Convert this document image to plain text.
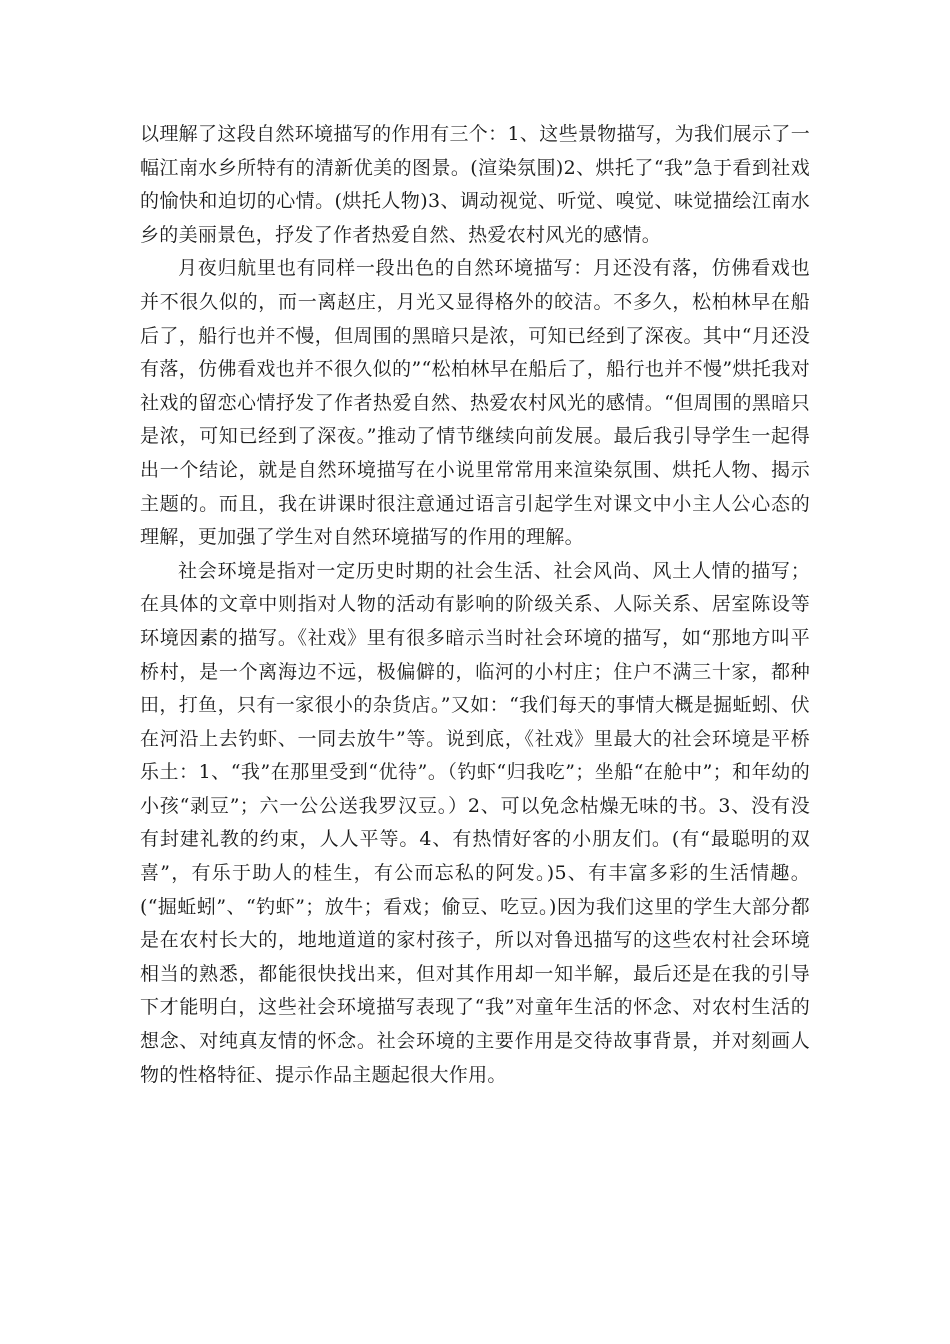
以理解了这段自然环境描写的作用有三个：1、这些景物描写，为我们展示了一幅江南水乡所特有的清新优美的图景。(渲染氛围)2、烘托了“我”急于看到社戏的愉快和迫切的心情。(烘托人物)3、调动视觉、听觉、嗅觉、味觉描绘江南水乡的美丽景色，抒发了作者热爱自然、热爱农村风光的感情。

月夜归航里也有同样一段出色的自然环境描写：月还没有落，仿佛看戏也并不很久似的，而一离赵庄，月光又显得格外的皎洁。不多久，松柏林早在船后了，船行也并不慢，但周围的黑暗只是浓，可知已经到了深夜。其中“月还没有落，仿佛看戏也并不很久似的”“松柏林早在船后了，船行也并不慢”烘托我对社戏的留恋心情抒发了作者热爱自然、热爱农村风光的感情。“但周围的黑暗只是浓，可知已经到了深夜。”推动了情节继续向前发展。最后我引导学生一起得出一个结论，就是自然环境描写在小说里常常用来渲染氛围、烘托人物、揭示主题的。而且，我在讲课时很注意通过语言引起学生对课文中小主人公心态的理解，更加强了学生对自然环境描写的作用的理解。

社会环境是指对一定历史时期的社会生活、社会风尚、风土人情的描写；在具体的文章中则指对人物的活动有影响的阶级关系、人际关系、居室陈设等环境因素的描写。《社戏》里有很多暗示当时社会环境的描写，如“那地方叫平桥村，是一个离海边不远，极偏僻的，临河的小村庄；住户不满三十家，都种田，打鱼，只有一家很小的杂货店。”又如：“我们每天的事情大概是掘蚯蚓、伏在河沿上去钓虾、一同去放牛”等。说到底，《社戏》里最大的社会环境是平桥乐土：1、“我”在那里受到“优待”。（钓虾“归我吃”；坐船“在舱中”；和年幼的小孩“剥豆”；六一公公送我罗汉豆。）2、可以免念枯燥无味的书。3、没有没有封建礼教的约束，人人平等。4、有热情好客的小朋友们。(有“最聪明的双喜”，有乐于助人的桂生，有公而忘私的阿发。)5、有丰富多彩的生活情趣。(“掘蚯蚓”、“钓虾”；放牛；看戏；偷豆、吃豆。)因为我们这里的学生大部分都是在农村长大的，地地道道的家村孩子，所以对鲁迅描写的这些农村社会环境相当的熟悉，都能很快找出来，但对其作用却一知半解，最后还是在我的引导下才能明白，这些社会环境描写表现了“我”对童年生活的怀念、对农村生活的想念、对纯真友情的怀念。社会环境的主要作用是交待故事背景，并对刻画人物的性格特征、提示作品主题起很大作用。
